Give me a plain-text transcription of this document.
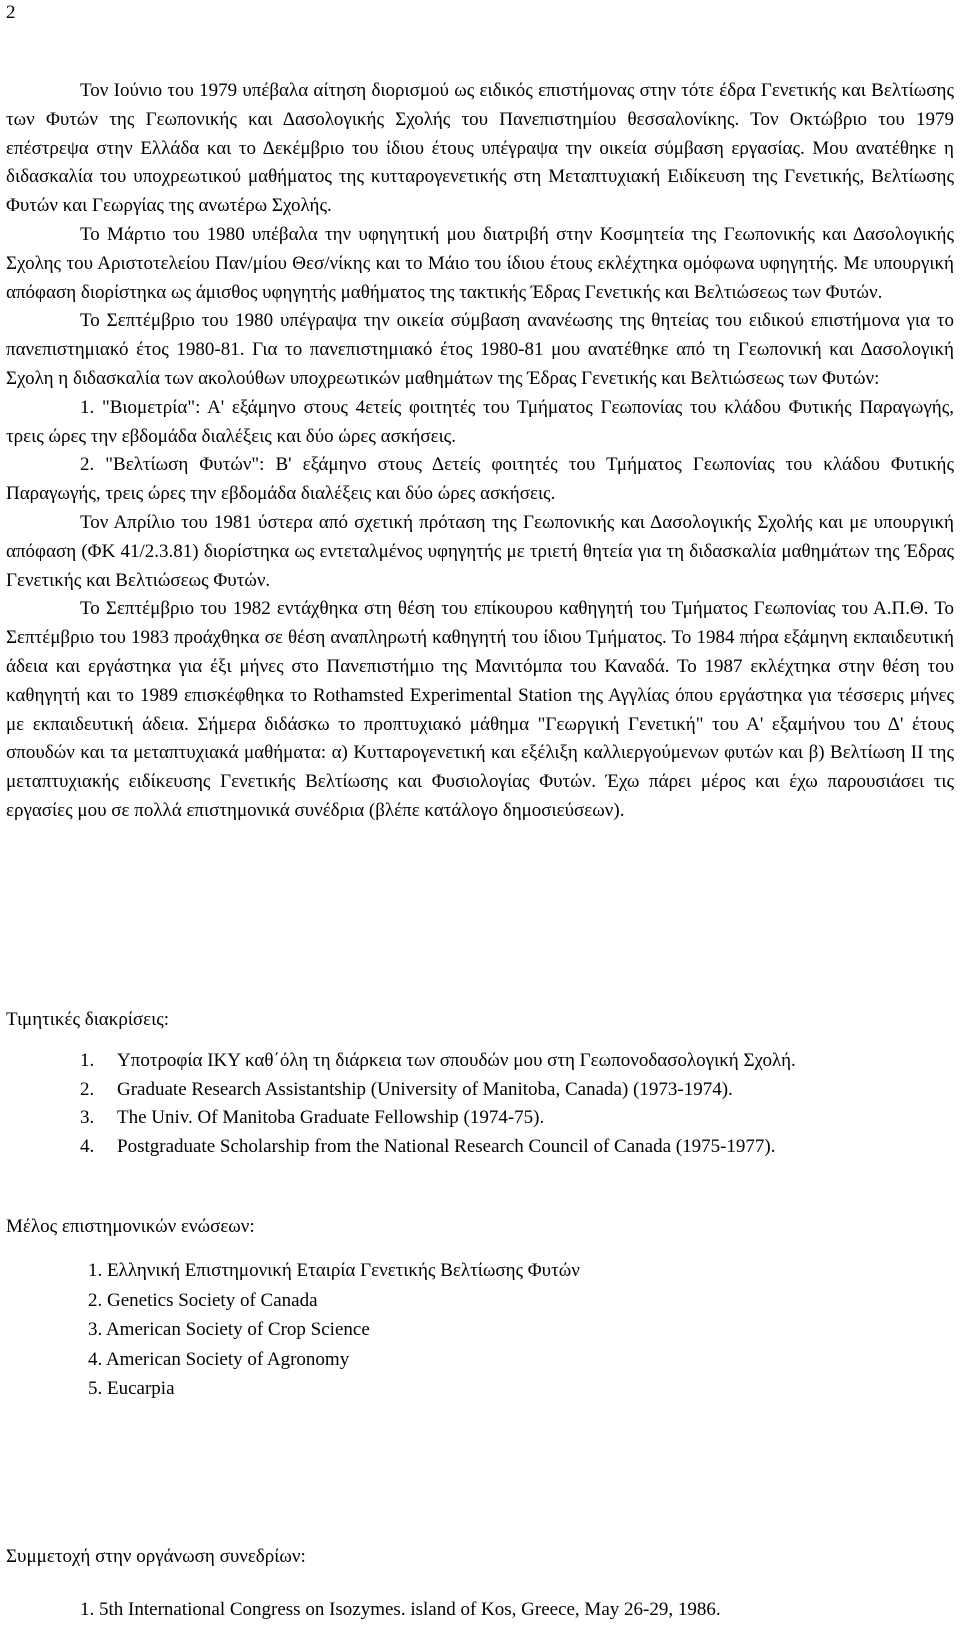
2

Τον Ιούνιο του 1979 υπέβαλα αίτηση διορισμού ως ειδικός επιστήμονας στην τότε έδρα Γενετικής και Βελτίωσης των Φυτών της Γεωπονικής και Δασολογικής Σχολής του Πανεπιστημίου θεσσαλονίκης. Τον Οκτώβριο του 1979 επέστρεψα στην Ελλάδα και το Δεκέμβριο του ίδιου έτους υπέγραψα την οικεία σύμβαση εργασίας. Μου ανατέθηκε η διδασκαλία του υποχρεωτικού μαθήματος της κυτταρογενετικής στη Μεταπτυχιακή Ειδίκευση της Γενετικής, Βελτίωσης Φυτών και Γεωργίας της ανωτέρω Σχολής.

Το Μάρτιο του 1980 υπέβαλα την υφηγητική μου διατριβή στην Κοσμητεία της Γεωπονικής και Δασολογικής Σχολης του Αριστοτελείου Παν/μίου Θεσ/νίκης και το Μάιο του ίδιου έτους εκλέχτηκα ομόφωνα υφηγητής. Με υπουργική απόφαση διορίστηκα ως άμισθος υφηγητής μαθήματος της τακτικής Έδρας Γενετικής και Βελτιώσεως των Φυτών.

Το Σεπτέμβριο του 1980 υπέγραψα την οικεία σύμβαση ανανέωσης της θητείας του ειδικού επιστήμονα για το πανεπιστημιακό έτος 1980-81. Για το πανεπιστημιακό έτος 1980-81 μου ανατέθηκε από τη Γεωπονική και Δασολογική Σχολη η διδασκαλία των ακολούθων υποχρεωτικών μαθημάτων της Έδρας Γενετικής και Βελτιώσεως των Φυτών:

1. "Βιομετρία": Α' εξάμηνο στους 4ετείς φοιτητές του Τμήματος Γεωπονίας του κλάδου Φυτικής Παραγωγής, τρεις ώρες την εβδομάδα διαλέξεις και δύο ώρες ασκήσεις.

2. "Βελτίωση Φυτών": Β' εξάμηνο στους Δετείς φοιτητές του Τμήματος Γεωπονίας του κλάδου Φυτικής Παραγωγής, τρεις ώρες την εβδομάδα διαλέξεις και δύο ώρες ασκήσεις.

Τον Απρίλιο του 1981 ύστερα από σχετική πρόταση της Γεωπονικής και Δασολογικής Σχολής και με υπουργική απόφαση (ΦΚ 41/2.3.81) διορίστηκα ως εντεταλμένος υφηγητής με τριετή θητεία για τη διδασκαλία μαθημάτων της Έδρας Γενετικής και Βελτιώσεως Φυτών.

Το Σεπτέμβριο του 1982 εντάχθηκα στη θέση του επίκουρου καθηγητή του Τμήματος Γεωπονίας του Α.Π.Θ. Το Σεπτέμβριο του 1983 προάχθηκα σε θέση αναπληρωτή καθηγητή του ίδιου Τμήματος. Το 1984 πήρα εξάμηνη εκπαιδευτική άδεια και εργάστηκα για έξι μήνες στο Πανεπιστήμιο της Μανιτόμπα του Καναδά. Το 1987 εκλέχτηκα στην θέση του καθηγητή και το 1989 επισκέφθηκα το Rothamsted Experimental Station της Αγγλίας όπου εργάστηκα για τέσσερις μήνες με εκπαιδευτική άδεια. Σήμερα διδάσκω το προπτυχιακό μάθημα "Γεωργική Γενετική" του Α' εξαμήνου του Δ' έτους σπουδών και τα μεταπτυχιακά μαθήματα: α) Κυτταρογενετική και εξέλιξη καλλιεργούμενων φυτών και β) Βελτίωση ΙΙ της μεταπτυχιακής ειδίκευσης Γενετικής Βελτίωσης και Φυσιολογίας Φυτών. Έχω πάρει μέρος και έχω παρουσιάσει τις εργασίες μου σε πολλά επιστημονικά συνέδρια (βλέπε κατάλογο δημοσιεύσεων).

Τιμητικές διακρίσεις:

1. Υποτροφία ΙΚΥ καθ΄όλη τη διάρκεια των σπουδών μου στη Γεωπονοδασολογική Σχολή.
2. Graduate Research Assistantship (University of Manitoba, Canada) (1973-1974).
3. The Univ. Of Manitoba Graduate Fellowship (1974-75).
4. Postgraduate Scholarship from the National Research Council of Canada (1975-1977).

Μέλος επιστημονικών ενώσεων:

1. Ελληνική Επιστημονική Εταιρία Γενετικής Βελτίωσης Φυτών
2. Genetics Society of Canada
3. American Society of Crop Science
4. American Society of Agronomy
5. Eucarpia

Συμμετοχή στην οργάνωση συνεδρίων:

1. 5th International Congress on Isozymes. island of Kos, Greece, May 26-29, 1986.
